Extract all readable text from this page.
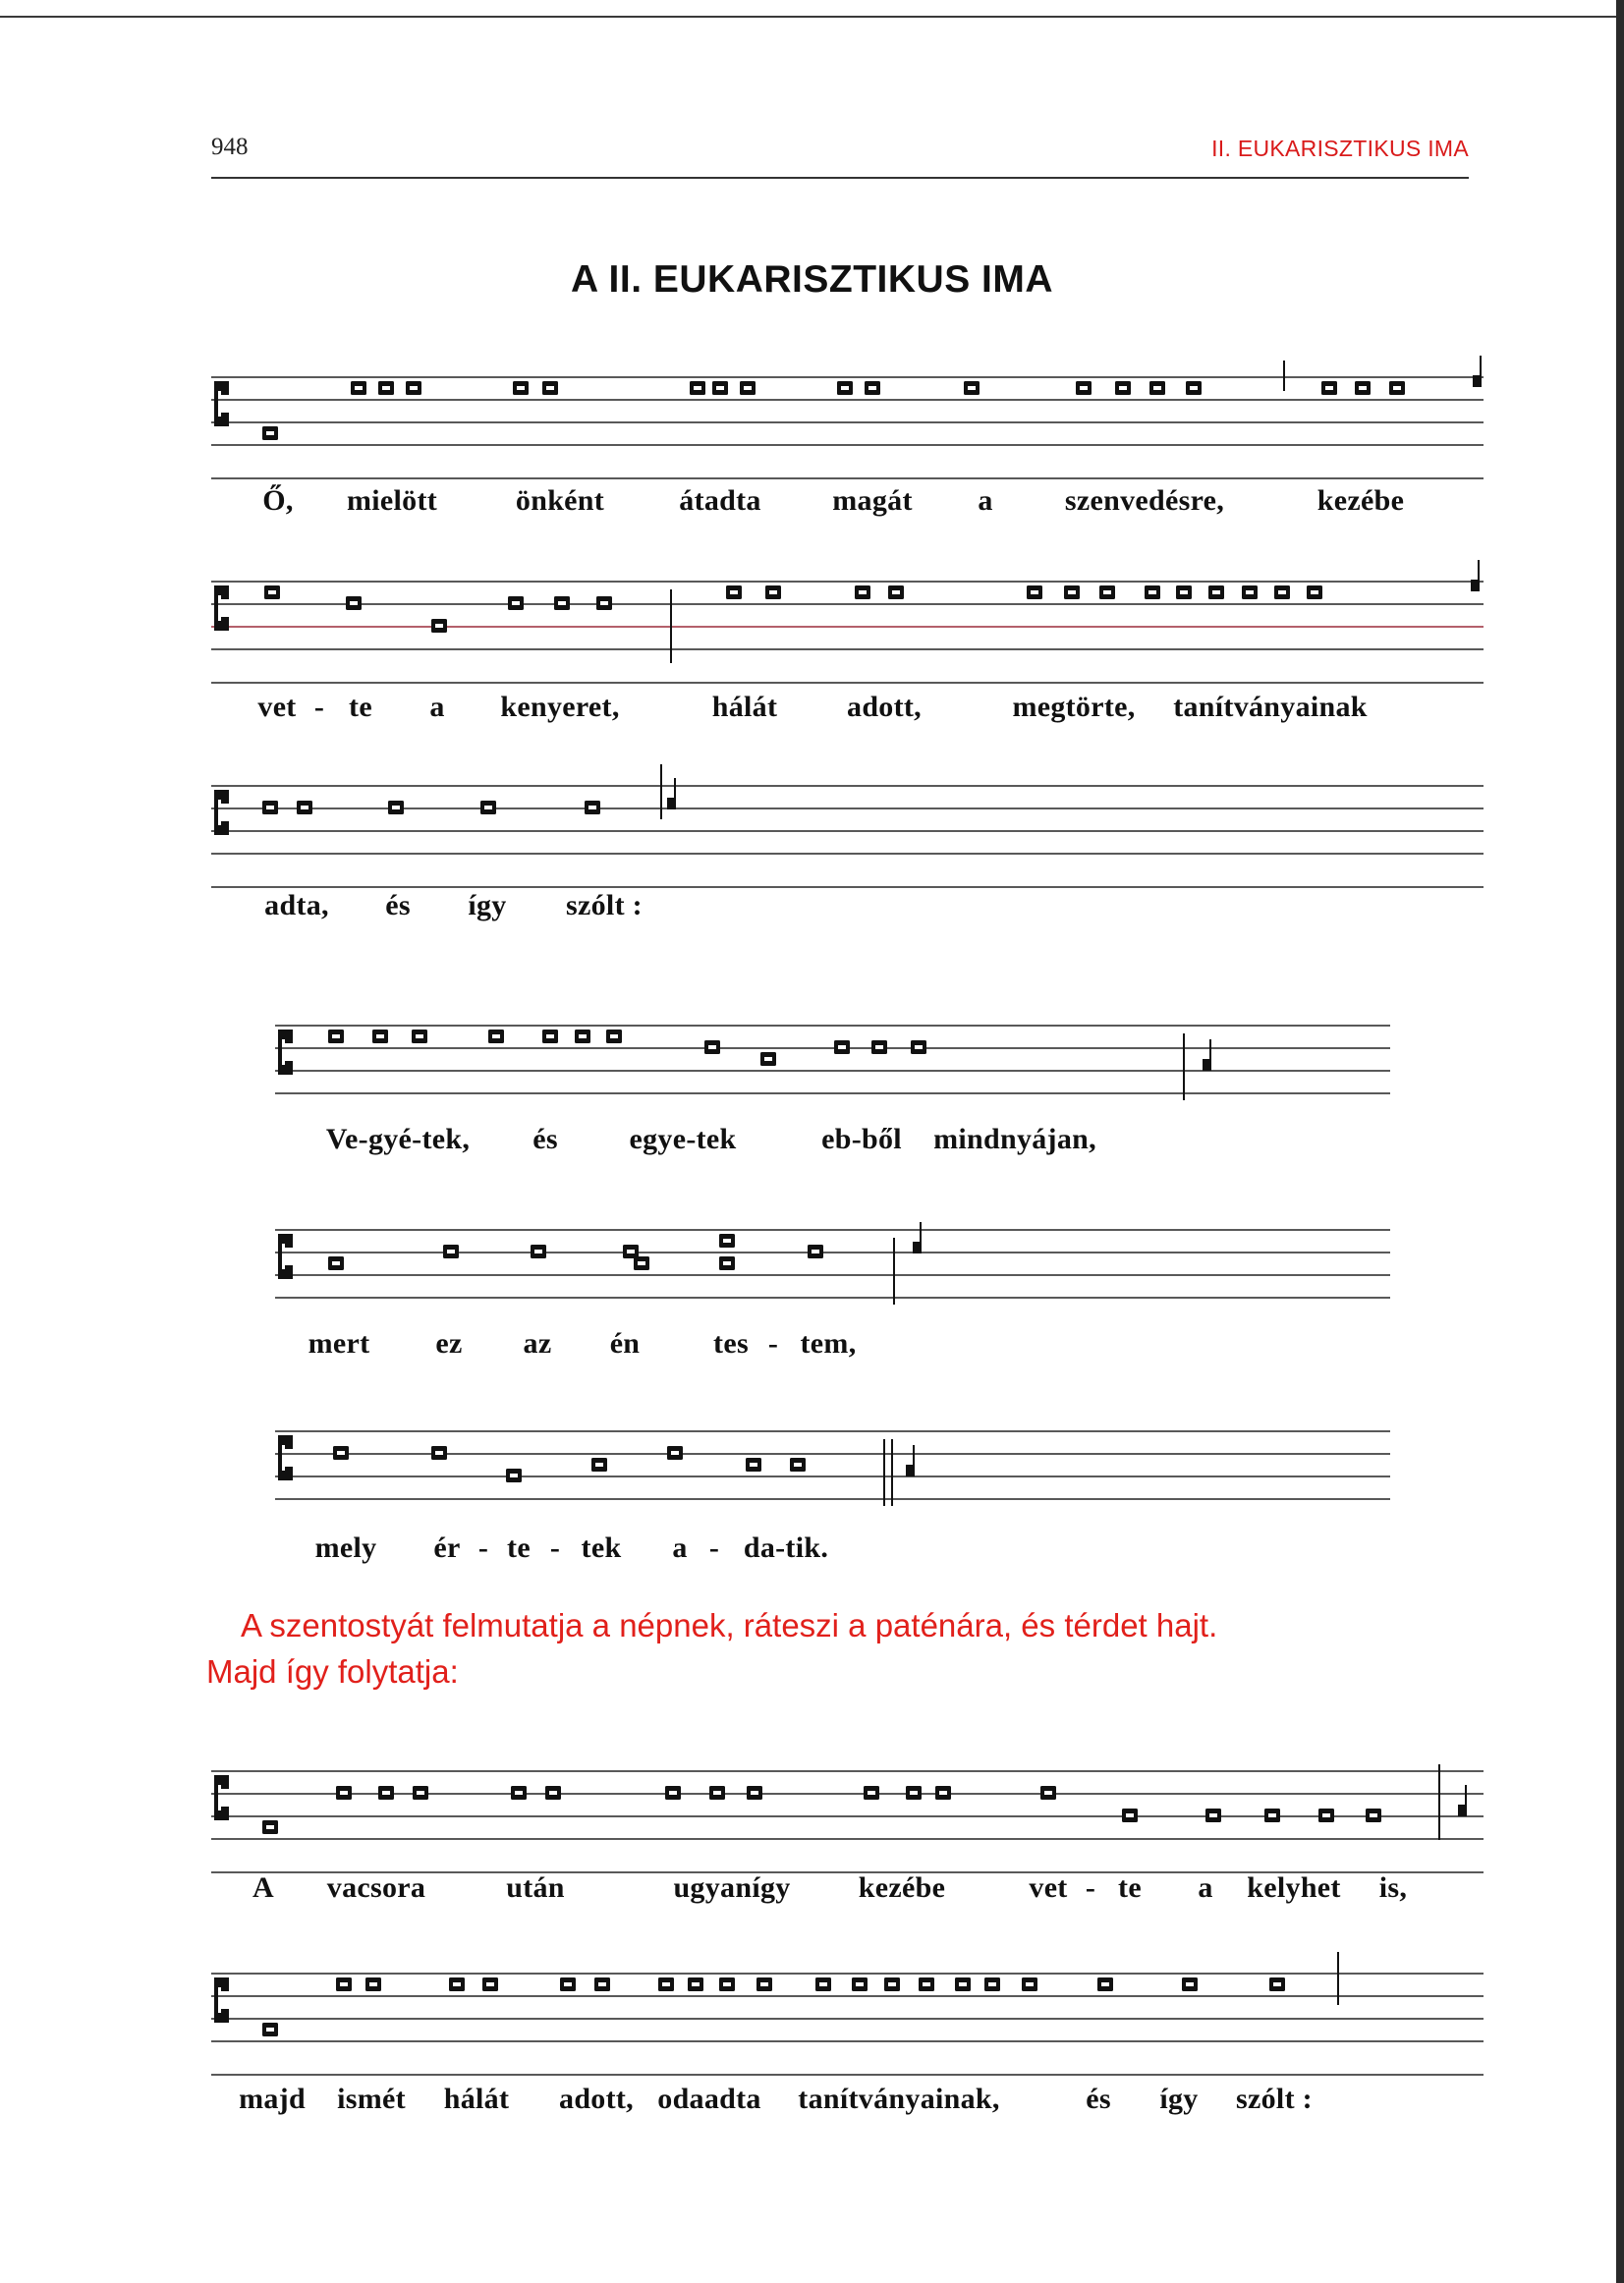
948	II. EUKARISZTIKUS IMA
A II. EUKARISZTIKUS IMA
Ő, mielött	önként	átadta magát a szenvedésre,	kezébe
vet - te a kenyeret,	hálát adott,	megtörte, tanítványainak
adta, és így szólt :
Ve-gyé-tek, és egye-tek	eb-ből mindnyájan,
mert ez az én tes - tem,
mely ér - te - tek a - da-tik.
A szentostyát felmutatja a népnek, ráteszi a paténára, és térdet hajt.
Majd így folytatja:
A vacsora	után	ugyanígy kezébe	vet - te a kelyhet is,
majd ismét hálát adott, odaadta tanítványainak,	és így szólt :
